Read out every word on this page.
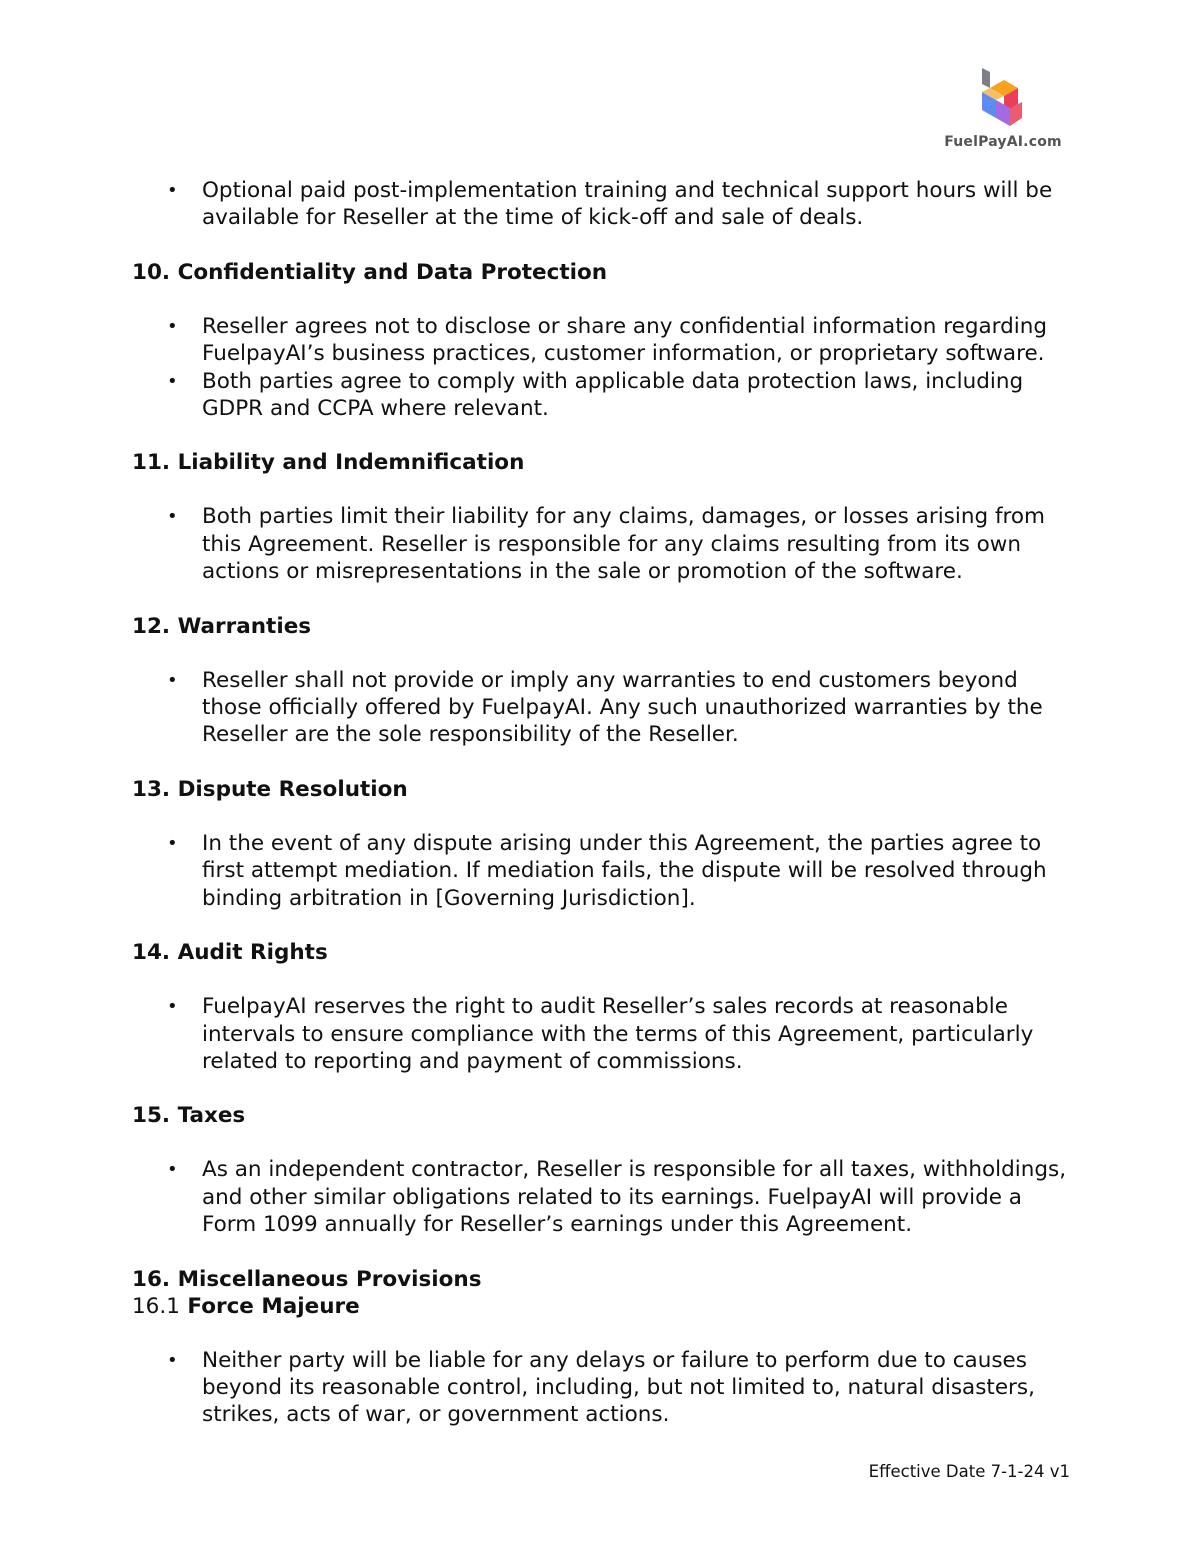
FuelPayAI.com
• Optional paid post-implementation training and technical support hours will be available for Reseller at the time of kick-off and sale of deals.

10. Confidentiality and Data Protection

• Reseller agrees not to disclose or share any confidential information regarding FuelpayAI’s business practices, customer information, or proprietary software.
• Both parties agree to comply with applicable data protection laws, including GDPR and CCPA where relevant.

11. Liability and Indemnification

• Both parties limit their liability for any claims, damages, or losses arising from this Agreement. Reseller is responsible for any claims resulting from its own actions or misrepresentations in the sale or promotion of the software.

12. Warranties

• Reseller shall not provide or imply any warranties to end customers beyond those officially offered by FuelpayAI. Any such unauthorized warranties by the Reseller are the sole responsibility of the Reseller.

13. Dispute Resolution

• In the event of any dispute arising under this Agreement, the parties agree to first attempt mediation. If mediation fails, the dispute will be resolved through binding arbitration in [Governing Jurisdiction].

14. Audit Rights

• FuelpayAI reserves the right to audit Reseller’s sales records at reasonable intervals to ensure compliance with the terms of this Agreement, particularly related to reporting and payment of commissions.

15. Taxes

• As an independent contractor, Reseller is responsible for all taxes, withholdings, and other similar obligations related to its earnings. FuelpayAI will provide a Form 1099 annually for Reseller’s earnings under this Agreement.

16. Miscellaneous Provisions

16.1 Force Majeure

• Neither party will be liable for any delays or failure to perform due to causes beyond its reasonable control, including, but not limited to, natural disasters, strikes, acts of war, or government actions.
Effective Date 7-1-24 v1
